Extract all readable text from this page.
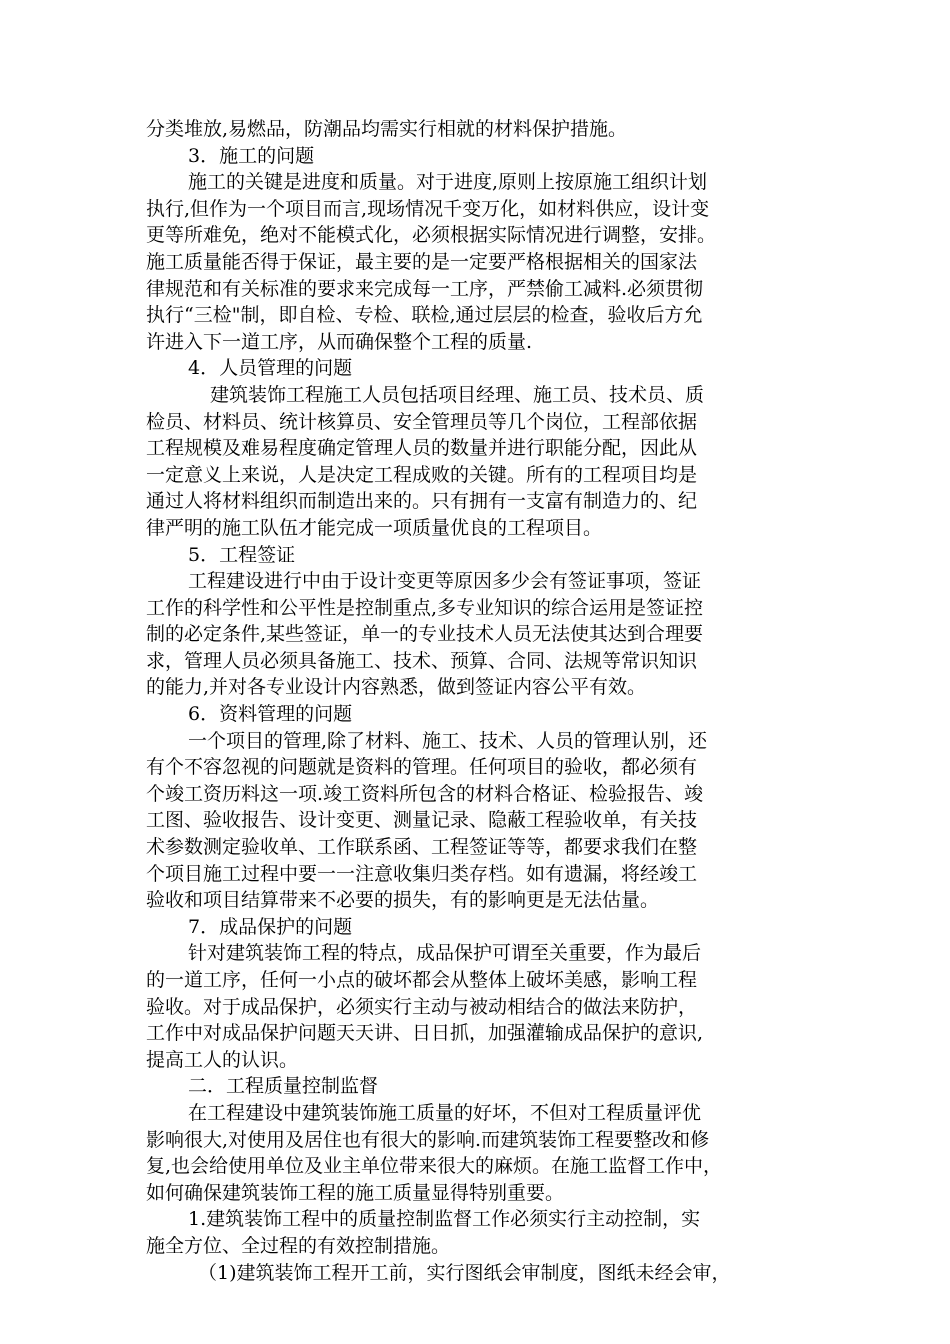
分类堆放,易燃品，防潮品均需实行相就的材料保护措施。
3．施工的问题
施工的关键是进度和质量。对于进度,原则上按原施工组织计划
执行,但作为一个项目而言,现场情况千变万化，如材料供应，设计变
更等所难免，绝对不能模式化，必须根据实际情况进行调整，安排。
施工质量能否得于保证，最主要的是一定要严格根据相关的国家法
律规范和有关标准的要求来完成每一工序，严禁偷工减料.必须贯彻
执行“三检"制，即自检、专检、联检,通过层层的检查，验收后方允
许进入下一道工序，从而确保整个工程的质量.
4．人员管理的问题
建筑装饰工程施工人员包括项目经理、施工员、技术员、质
检员、材料员、统计核算员、安全管理员等几个岗位，工程部依据
工程规模及难易程度确定管理人员的数量并进行职能分配，因此从
一定意义上来说，人是决定工程成败的关键。所有的工程项目均是
通过人将材料组织而制造出来的。只有拥有一支富有制造力的、纪
律严明的施工队伍才能完成一项质量优良的工程项目。
5．工程签证
工程建设进行中由于设计变更等原因多少会有签证事项，签证
工作的科学性和公平性是控制重点,多专业知识的综合运用是签证控
制的必定条件,某些签证，单一的专业技术人员无法使其达到合理要
求，管理人员必须具备施工、技术、预算、合同、法规等常识知识
的能力,并对各专业设计内容熟悉，做到签证内容公平有效。
6．资料管理的问题
一个项目的管理,除了材料、施工、技术、人员的管理认别，还
有个不容忽视的问题就是资料的管理。任何项目的验收，都必须有
个竣工资历料这一项.竣工资料所包含的材料合格证、检验报告、竣
工图、验收报告、设计变更、测量记录、隐蔽工程验收单，有关技
术参数测定验收单、工作联系函、工程签证等等，都要求我们在整
个项目施工过程中要一一注意收集归类存档。如有遗漏，将经竣工
验收和项目结算带来不必要的损失，有的影响更是无法估量。
7．成品保护的问题
针对建筑装饰工程的特点，成品保护可谓至关重要，作为最后
的一道工序，任何一小点的破坏都会从整体上破坏美感，影响工程
验收。对于成品保护，必须实行主动与被动相结合的做法来防护，
工作中对成品保护问题天天讲、日日抓，加强灌输成品保护的意识,
提高工人的认识。
二．工程质量控制监督
在工程建设中建筑装饰施工质量的好坏，不但对工程质量评优
影响很大,对使用及居住也有很大的影响.而建筑装饰工程要整改和修
复,也会给使用单位及业主单位带来很大的麻烦。在施工监督工作中，
如何确保建筑装饰工程的施工质量显得特别重要。
1.建筑装饰工程中的质量控制监督工作必须实行主动控制，实
施全方位、全过程的有效控制措施。
（1)建筑装饰工程开工前，实行图纸会审制度，图纸未经会审，
